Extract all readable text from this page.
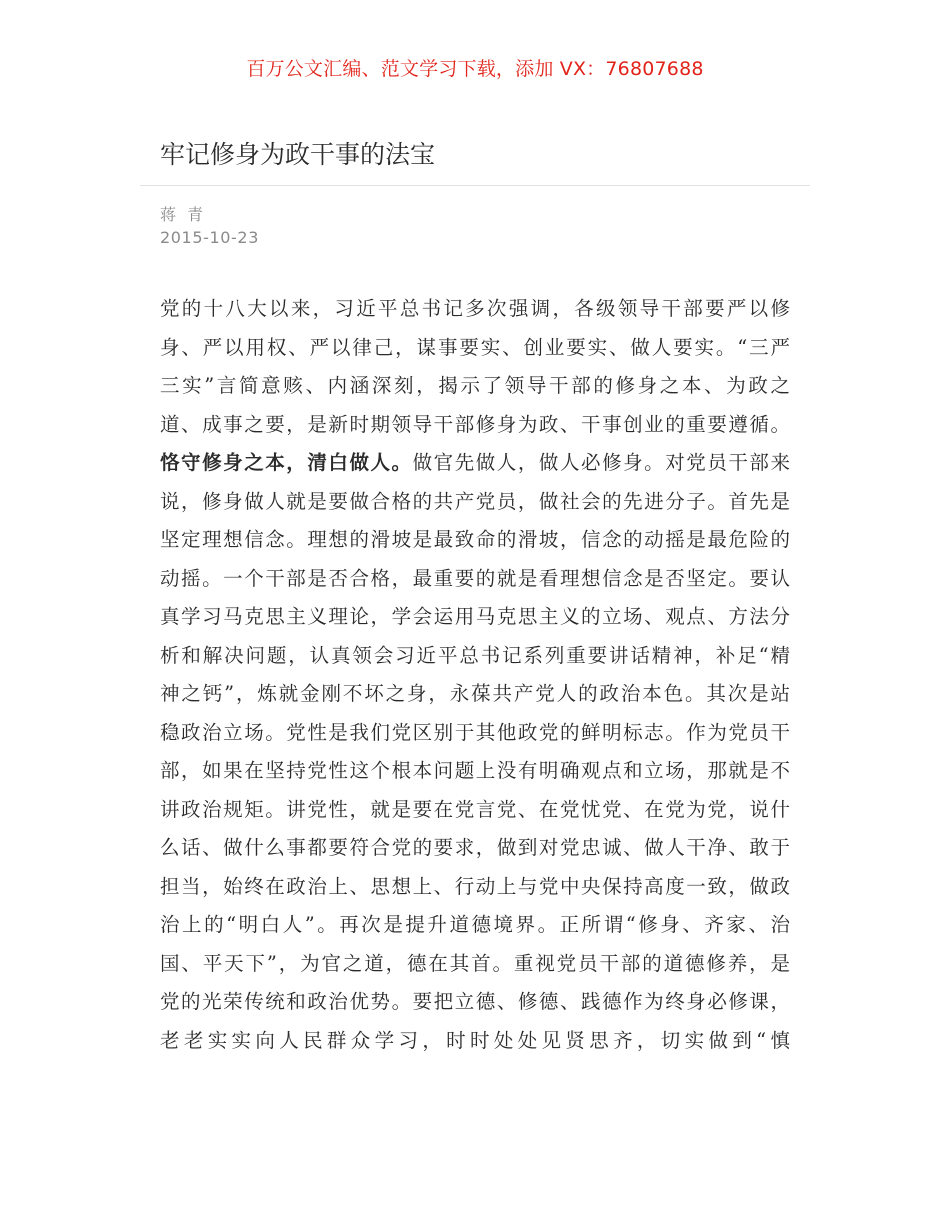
百万公文汇编、范文学习下载，添加 VX：76807688
牢记修身为政干事的法宝
蒋 青
2015-10-23
党的十八大以来，习近平总书记多次强调，各级领导干部要严以修
身、严以用权、严以律己，谋事要实、创业要实、做人要实。“三严
三实”言简意赅、内涵深刻，揭示了领导干部的修身之本、为政之
道、成事之要，是新时期领导干部修身为政、干事创业的重要遵循。
恪守修身之本，清白做人。做官先做人，做人必修身。对党员干部来
说，修身做人就是要做合格的共产党员，做社会的先进分子。首先是
坚定理想信念。理想的滑坡是最致命的滑坡，信念的动摇是最危险的
动摇。一个干部是否合格，最重要的就是看理想信念是否坚定。要认
真学习马克思主义理论，学会运用马克思主义的立场、观点、方法分
析和解决问题，认真领会习近平总书记系列重要讲话精神，补足“精
神之钙”，炼就金刚不坏之身，永葆共产党人的政治本色。其次是站
稳政治立场。党性是我们党区别于其他政党的鲜明标志。作为党员干
部，如果在坚持党性这个根本问题上没有明确观点和立场，那就是不
讲政治规矩。讲党性，就是要在党言党、在党忧党、在党为党，说什
么话、做什么事都要符合党的要求，做到对党忠诚、做人干净、敢于
担当，始终在政治上、思想上、行动上与党中央保持高度一致，做政
治上的“明白人”。再次是提升道德境界。正所谓“修身、齐家、治
国、平天下”，为官之道，德在其首。重视党员干部的道德修养，是
党的光荣传统和政治优势。要把立德、修德、践德作为终身必修课，
老老实实向人民群众学习，时时处处见贤思齐，切实做到“慎
